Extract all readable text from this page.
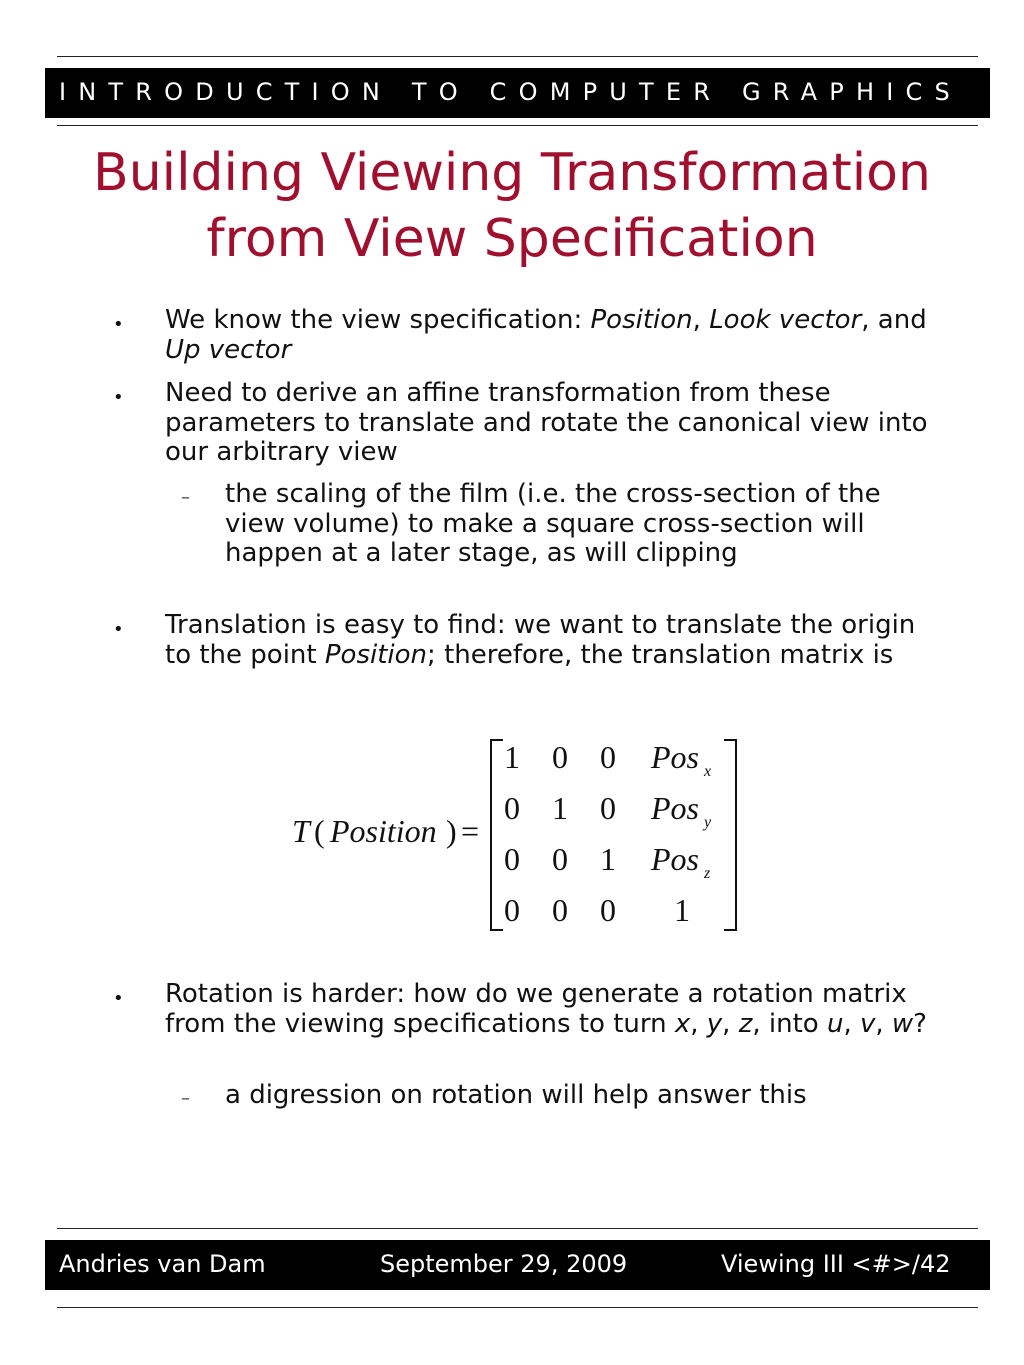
INTRODUCTION TO COMPUTER GRAPHICS
Building Viewing Transformation
from View Specification
• We know the view specification: Position, Look vector, and Up vector
• Need to derive an affine transformation from these parameters to translate and rotate the canonical view into our arbitrary view
– the scaling of the film (i.e. the cross-section of the view volume) to make a square cross-section will happen at a later stage, as will clipping
• Translation is easy to find: we want to translate the origin to the point Position; therefore, the translation matrix is
• Rotation is harder: how do we generate a rotation matrix from the viewing specifications to turn x, y, z, into u, v, w?
– a digression on rotation will help answer this
T ( Position ) =
1 0 0 Pos x
0 1 0 Pos y
0 0 1 Pos z
0 0 0 1
Andries van Dam	September 29, 2009	Viewing III <#>/42
